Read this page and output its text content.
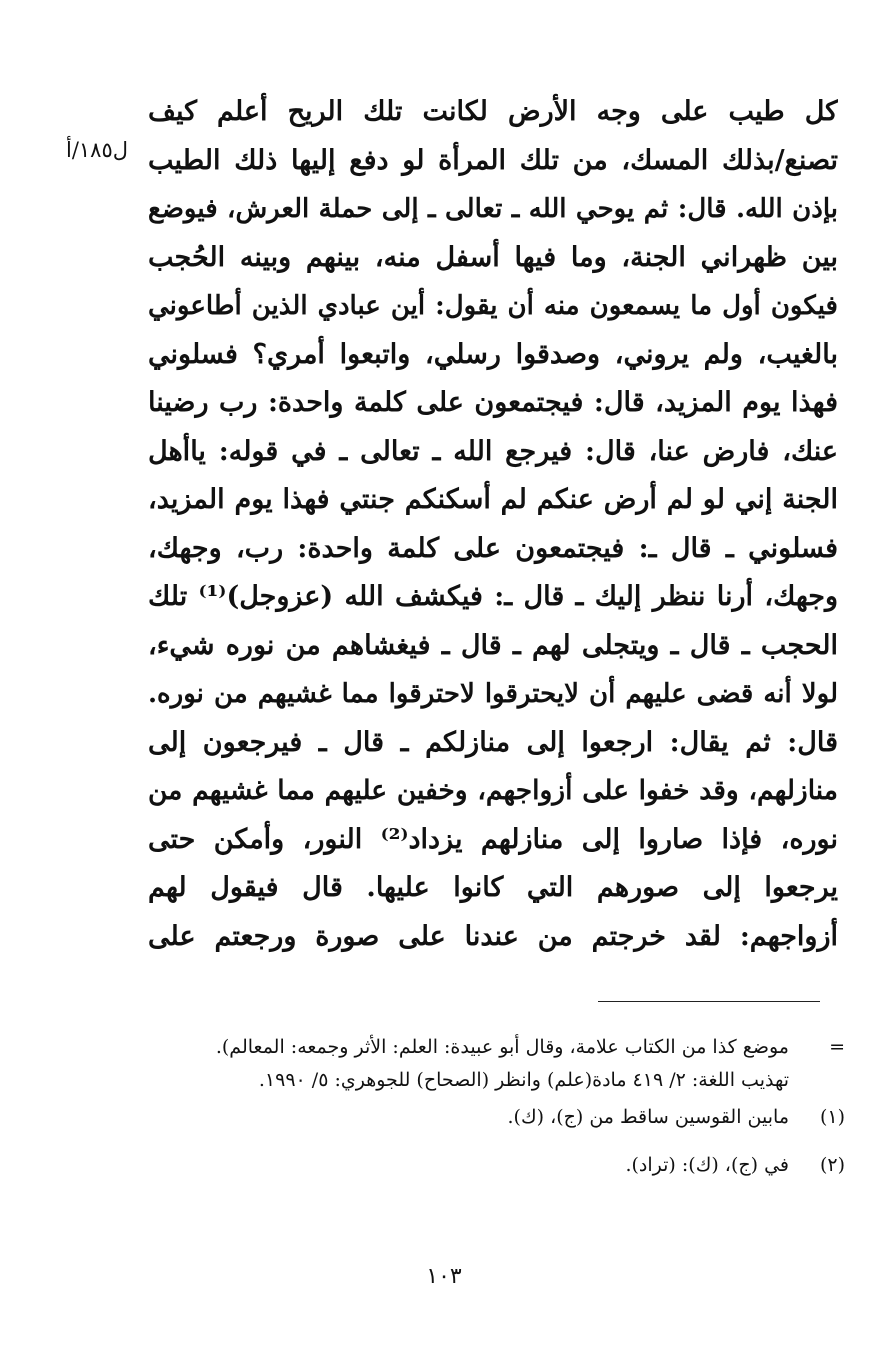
ل١٨٥/أ
كل طيب على وجه الأرض لكانت تلك الريح أعلم كيف
تصنع/بذلك المسك، من تلك المرأة لو دفع إليها ذلك الطيب
بإذن الله. قال: ثم يوحي الله ـ تعالى ـ إلى حملة العرش، فيوضع
بين ظهراني الجنة، وما فيها أسفل منه، بينهم وبينه الحُجب
فيكون أول ما يسمعون منه أن يقول: أين عبادي الذين أطاعوني
بالغيب، ولم يروني، وصدقوا رسلي، واتبعوا أمري؟ فسلوني
فهذا يوم المزيد، قال: فيجتمعون على كلمة واحدة: رب رضينا
عنك، فارض عنا، قال: فيرجع الله ـ تعالى ـ في قوله: ياأهل
الجنة إني لو لم أرض عنكم لم أسكنكم جنتي فهذا يوم المزيد،
فسلوني ـ قال ـ: فيجتمعون على كلمة واحدة: رب، وجهك،
وجهك، أرنا ننظر إليك ـ قال ـ: فيكشف الله (عزوجل)⁽¹⁾ تلك
الحجب ـ قال ـ ويتجلى لهم ـ قال ـ فيغشاهم من نوره شيء،
لولا أنه قضى عليهم أن لايحترقوا لاحترقوا مما غشيهم من نوره.
قال: ثم يقال: ارجعوا إلى منازلكم ـ قال ـ فيرجعون إلى
منازلهم، وقد خفوا على أزواجهم، وخفين عليهم مما غشيهم من
نوره، فإذا صاروا إلى منازلهم يزداد⁽²⁾ النور، وأمكن حتى
يرجعوا إلى صورهم التي كانوا عليها. قال فيقول لهم
أزواجهم: لقد خرجتم من عندنا على صورة ورجعتم على
=
موضع كذا من الكتاب علامة، وقال أبو عبيدة: العلم: الأثر وجمعه: المعالم).
تهذيب اللغة: ٢/ ٤١٩ مادة(علم) وانظر (الصحاح) للجوهري: ٥/ ١٩٩٠.
(١)
مابين القوسين ساقط من (ج)، (ك).
(٢)
في (ج)، (ك): (تراد).
١٠٣
